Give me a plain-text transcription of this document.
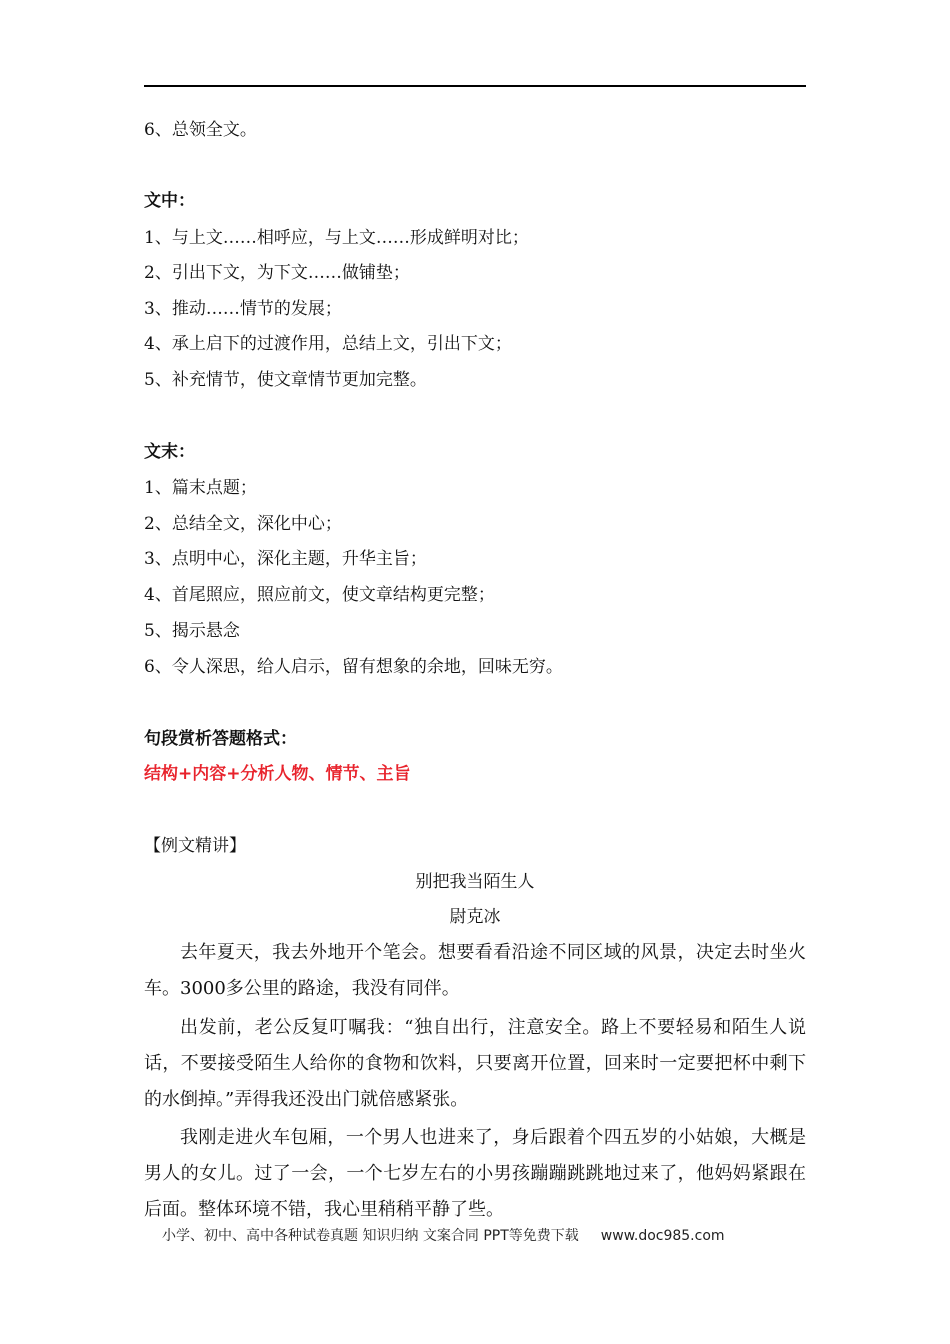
6、总领全文。
文中：
1、与上文……相呼应，与上文……形成鲜明对比；
2、引出下文，为下文……做铺垫；
3、推动……情节的发展；
4、承上启下的过渡作用，总结上文，引出下文；
5、补充情节，使文章情节更加完整。
文末：
1、篇末点题；
2、总结全文，深化中心；
3、点明中心，深化主题，升华主旨；
4、首尾照应，照应前文，使文章结构更完整；
5、揭示悬念
6、令人深思，给人启示，留有想象的余地，回味无穷。
句段赏析答题格式：
结构+内容+分析人物、情节、主旨
【例文精讲】
别把我当陌生人
尉克冰
去年夏天，我去外地开个笔会。想要看看沿途不同区域的风景，决定去时坐火车。3000多公里的路途，我没有同伴。
出发前，老公反复叮嘱我：“独自出行，注意安全。路上不要轻易和陌生人说话，不要接受陌生人给你的食物和饮料，只要离开位置，回来时一定要把杯中剩下的水倒掉。”弄得我还没出门就倍感紧张。
我刚走进火车包厢，一个男人也进来了，身后跟着个四五岁的小姑娘，大概是男人的女儿。过了一会，一个七岁左右的小男孩蹦蹦跳跳地过来了，他妈妈紧跟在后面。整体环境不错，我心里稍稍平静了些。
小学、初中、高中各种试卷真题 知识归纳 文案合同 PPT等免费下载 www.doc985.com
